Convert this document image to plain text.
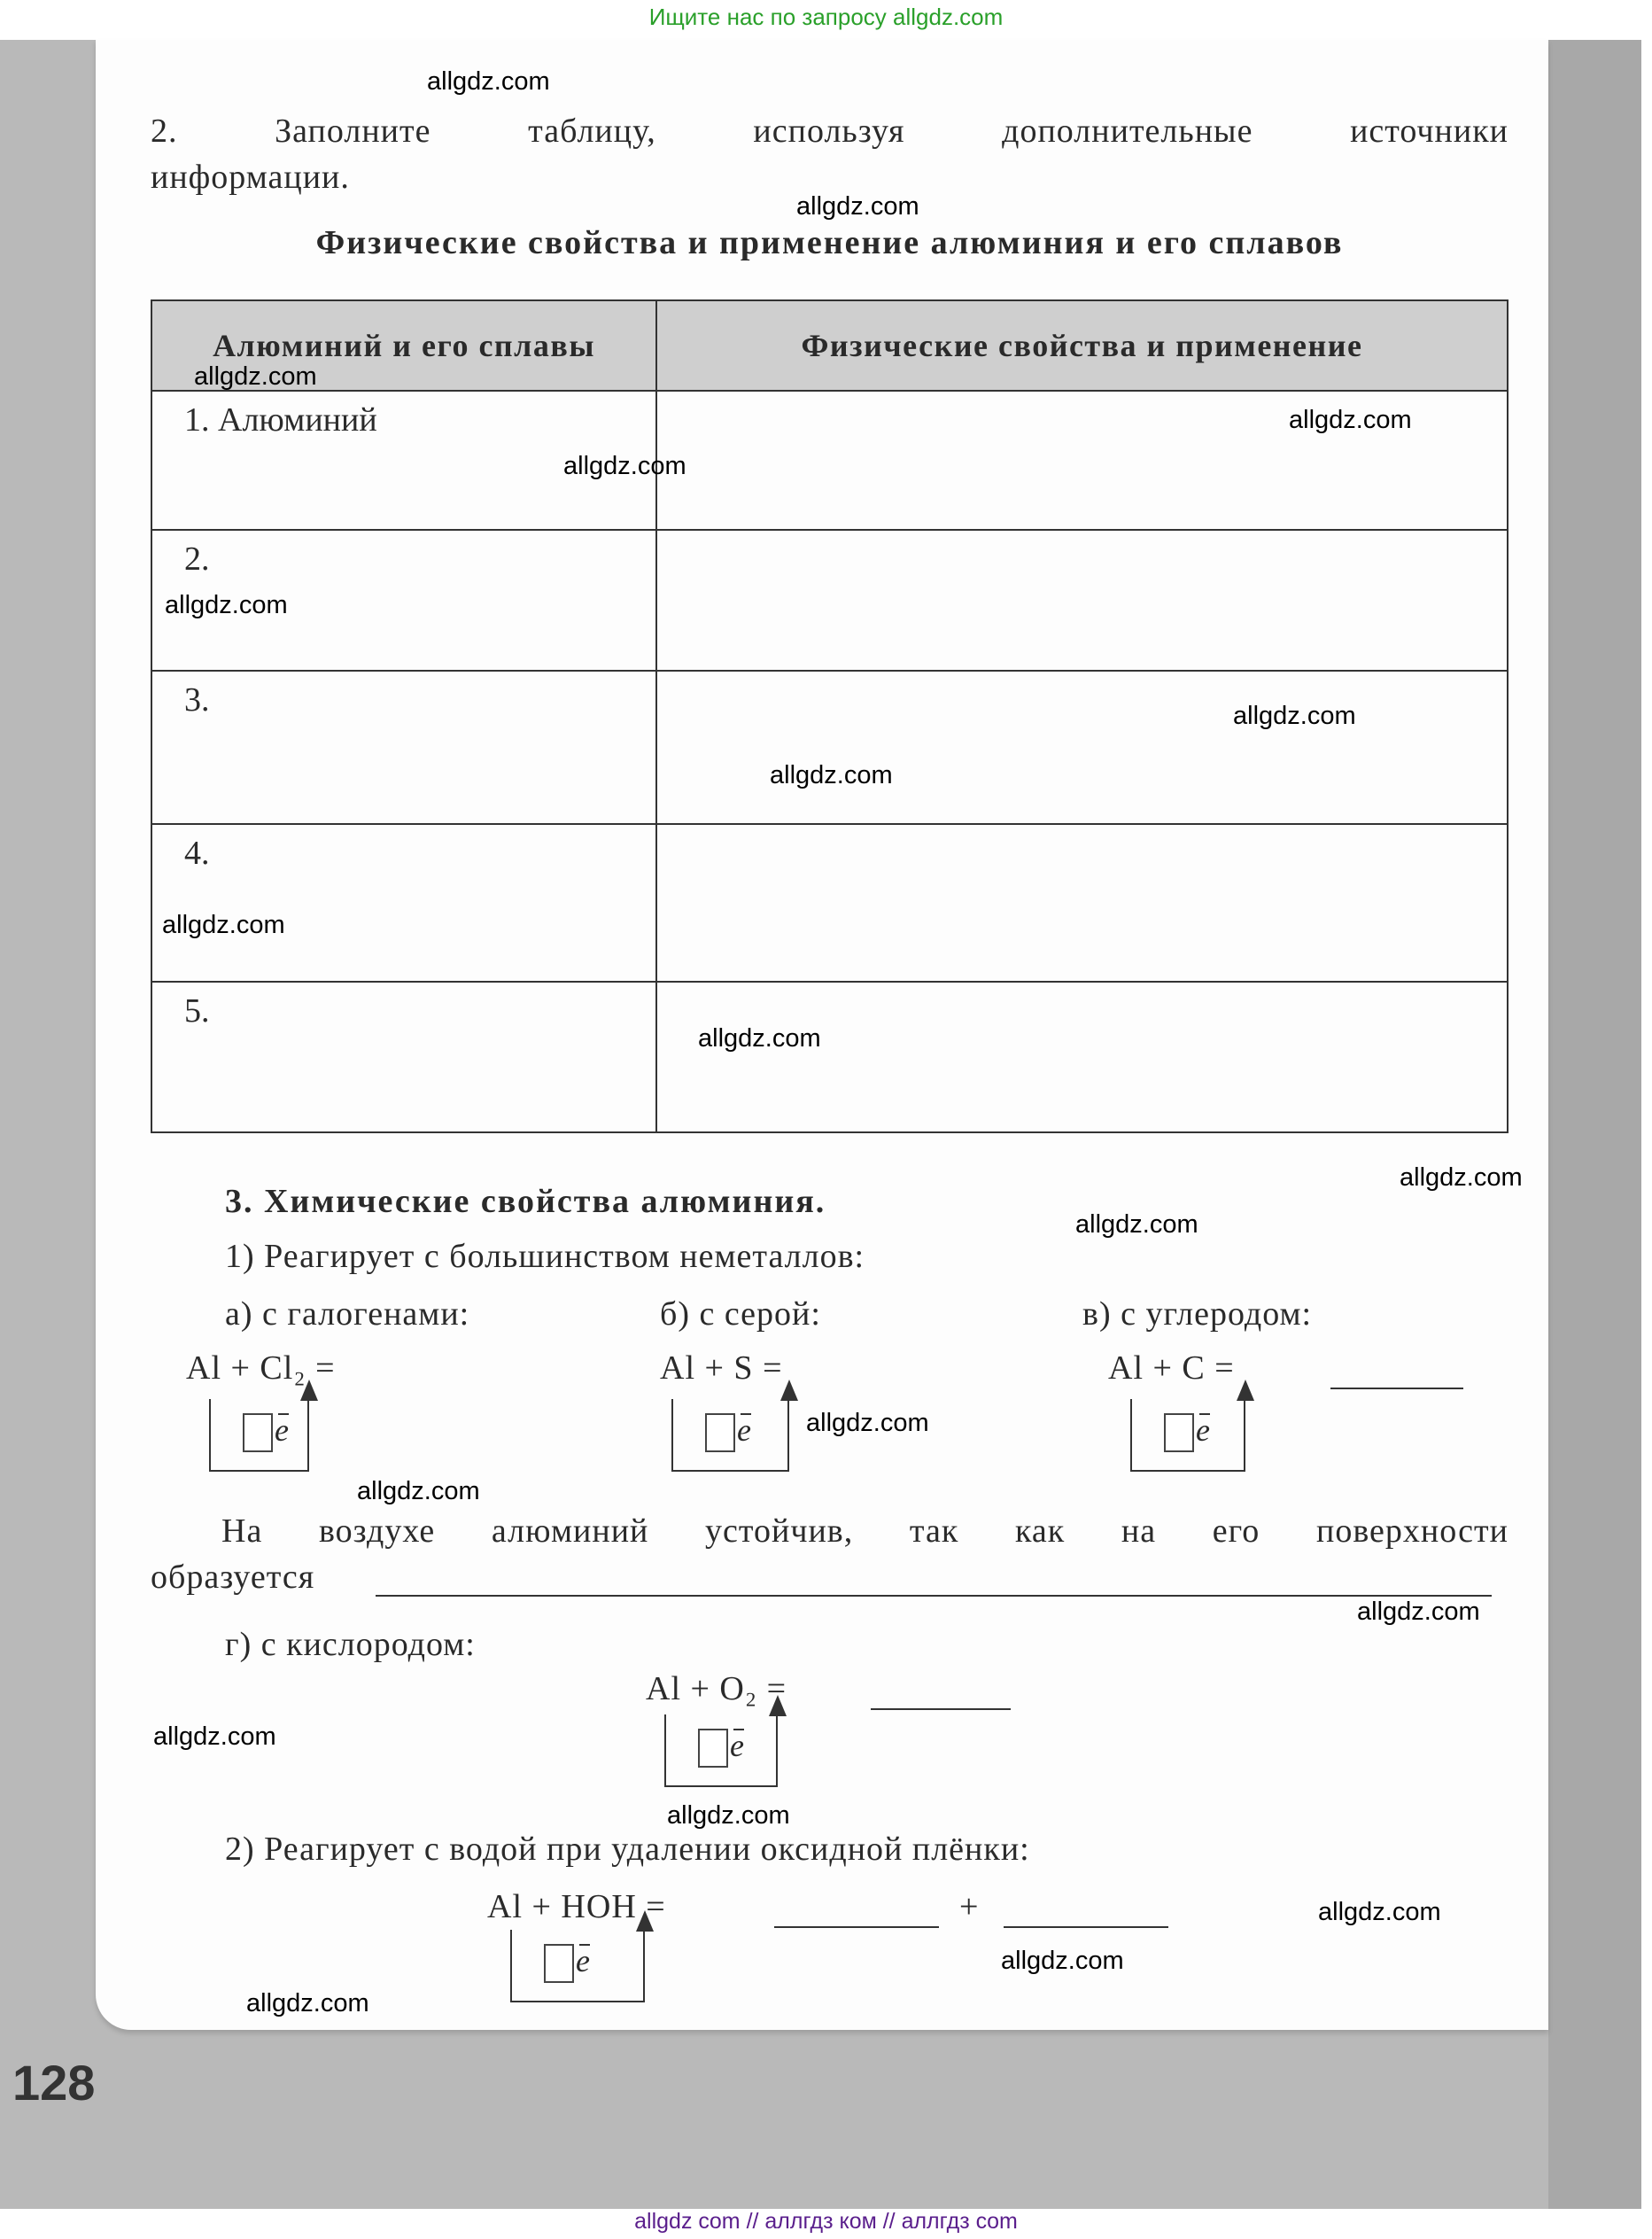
Ищите нас по запросу allgdz.com
2. Заполните таблицу, используя дополнительные источники
информации.
Физические свойства и применение алюминия и его сплавов
Алюминий и его сплавы	Физические свойства и применение
1. Алюминий	
2.	
3.	
4.	
5.	
3. Химические свойства алюминия.
1) Реагирует с большинством неметаллов:
а) с галогенами:	б) с серой:	в) с углеродом:
Al + Cl₂ =	Al + S =	Al + C =
e	e	e
На воздухе алюминий устойчив, так как на его поверхности
образуется
г) с кислородом:
Al + O₂ =
e
2) Реагирует с водой при удалении оксидной плёнки:
Al + HOH =	+
e
128
allgdz.com
allgdz.com
allgdz.com
allgdz.com
allgdz.com
allgdz.com
allgdz.com
allgdz.com
allgdz.com
allgdz.com
allgdz.com
allgdz.com
allgdz.com
allgdz.com
allgdz.com
allgdz.com
allgdz.com
allgdz.com
allgdz.com
allgdz.com
allgdz com // аллгдз ком // аллгдз com
